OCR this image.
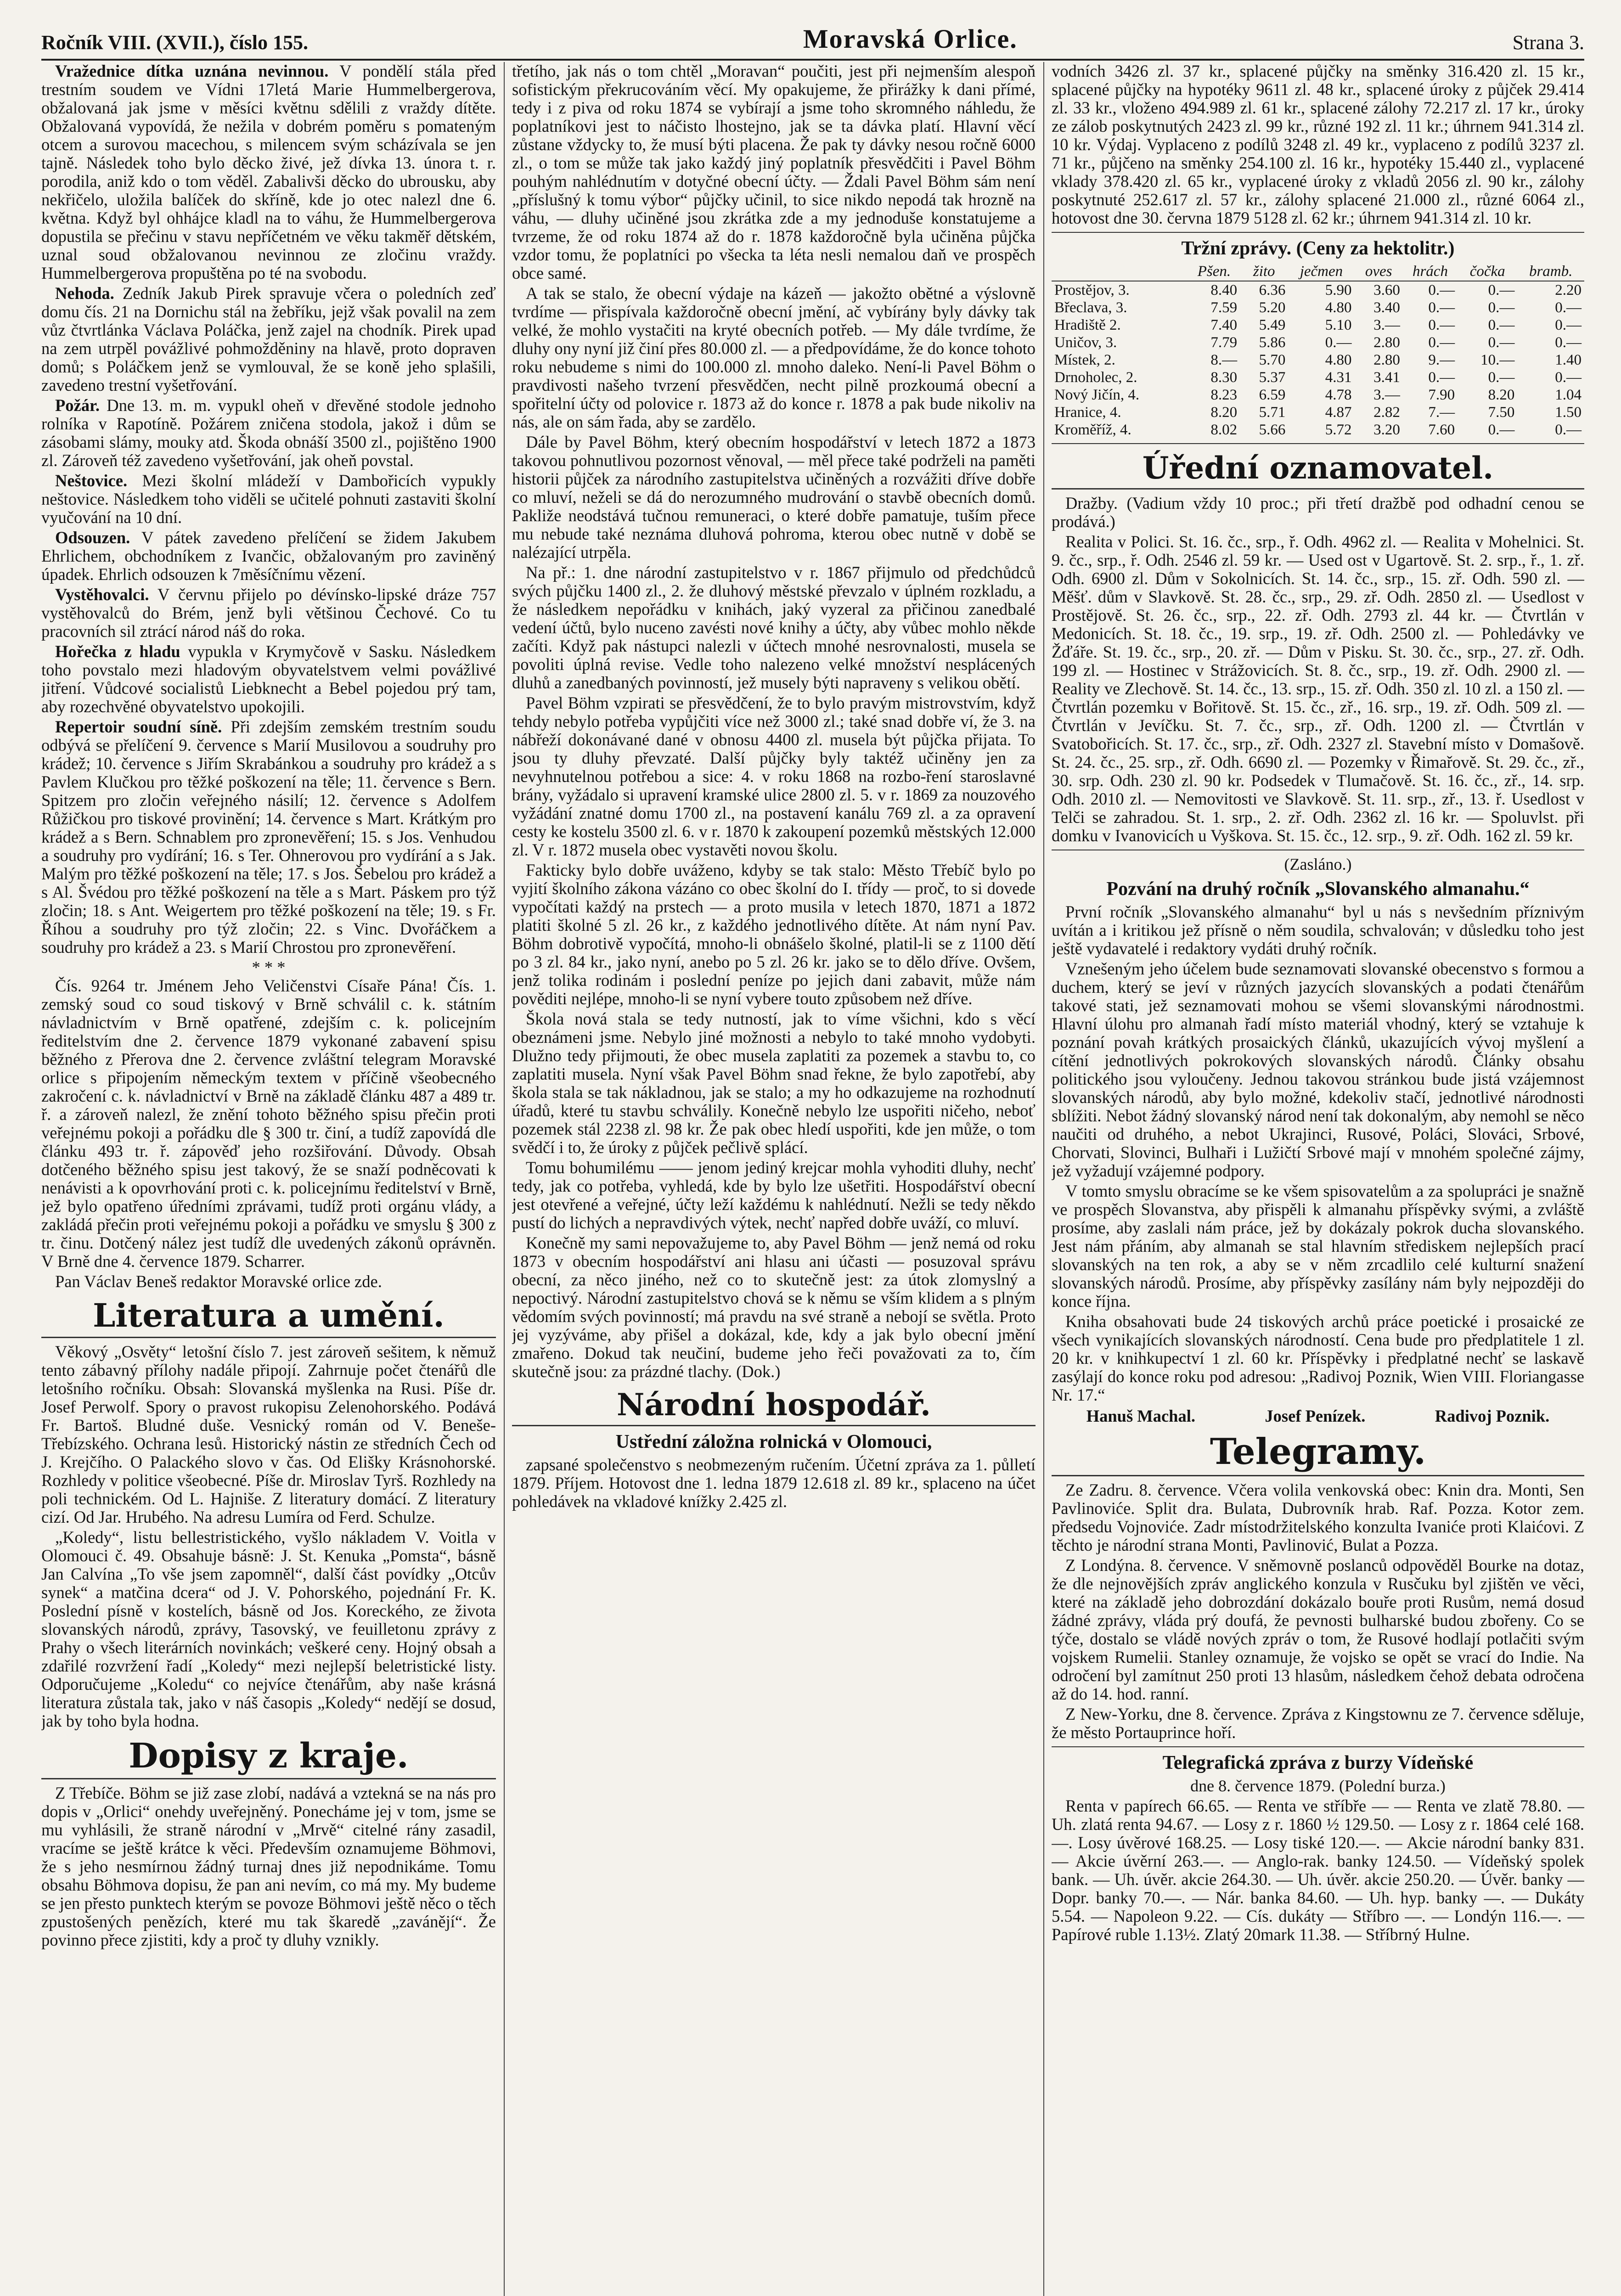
Ročník VIII. (XVII.), číslo 155.	Moravská Orlice.	Strana 3.

Vražednice dítka uznána nevinnou. V pondělí stála před trestním soudem ve Vídni 17letá Marie Hummelbergerova, obžalovaná jak jsme v měsíci květnu sdělili z vraždy dítěte. Obžalovaná vypovídá, že nežila v dobrém poměru s pomateným otcem a surovou macechou, s milencem svým scházívala se jen tajně. Následek toho bylo děcko živé, jež dívka 13. února t. r. porodila, aniž kdo o tom věděl. Zabalivši děcko do ubrousku, aby nekřičelo, uložila balíček do skříně, kde jo otec nalezl dne 6. května. Když byl ohhájce kladl na to váhu, že Hummelbergerova dopustila se přečinu v stavu nepříčetném ve věku takměř dětském, uznal soud obžalovanou nevinnou ze zločinu vraždy. Hummelbergerova propuštěna po té na svobodu.

Nehoda. Zedník Jakub Pirek spravuje včera o poledních zeď domu čís. 21 na Dornichu stál na žebříku, jejž však povalil na zem vůz čtvrtlánka Václava Poláčka, jenž zajel na chodník. Pirek upad na zem utrpěl povážlivé pohmožděniny na hlavě, proto dopraven domů; s Poláčkem jenž se vymlouval, že se koně jeho splašili, zavedeno trestní vyšetřování.

Požár. Dne 13. m. m. vypukl oheň v dřevěné stodole jednoho rolníka v Rapotíně. Požárem zničena stodola, jakož i dům se zásobami slámy, mouky atd. Škoda obnáší 3500 zl., pojištěno 1900 zl. Zároveň též zavedeno vyšetřování, jak oheň povstal.

Neštovice. Mezi školní mládeží v Dambořicích vypukly neštovice. Následkem toho viděli se učitelé pohnuti zastaviti školní vyučování na 10 dní.

Odsouzen. V pátek zavedeno přelíčení se židem Jakubem Ehrlichem, obchodníkem z Ivančic, obžalovaným pro zaviněný úpadek. Ehrlich odsouzen k 7měsíčnímu vězení.

Vystěhovalci. V červnu přijelo po dévínsko-lipské dráze 757 vystěhovalců do Brém, jenž byli většinou Čechové. Co tu pracovních sil ztrácí národ náš do roka.

Hořečka z hladu vypukla v Krymyčově v Sasku. Následkem toho povstalo mezi hladovým obyvatelstvem velmi povážlivé jitření. Vůdcové socialistů Liebknecht a Bebel pojedou prý tam, aby rozechvěné obyvatelstvo upokojili.

Repertoir soudní síně. Při zdejším zemském trestním soudu odbývá se přelíčení 9. července s Marií Musilovou a soudruhy pro krádež; 10. července s Jiřím Skrabánkou a soudruhy pro krádež a s Pavlem Klučkou pro těžké poškození na těle; 11. července s Bern. Spitzem pro zločin veřejného násilí; 12. července s Adolfem Růžičkou pro tiskové provinění; 14. července s Mart. Krátkým pro krádež a s Bern. Schnablem pro zpronevěření; 15. s Jos. Venhudou a soudruhy pro vydírání; 16. s Ter. Ohnerovou pro vydírání a s Jak. Malým pro těžké poškození na těle; 17. s Jos. Šebelou pro krádež a s Al. Švédou pro těžké poškození na těle a s Mart. Páskem pro týž zločin; 18. s Ant. Weigertem pro těžké poškození na těle; 19. s Fr. Říhou a soudruhy pro týž zločin; 22. s Vinc. Dvořáčkem a soudruhy pro krádež a 23. s Marií Chrostou pro zpronevěření.

* * *

Čís. 9264 tr. Jménem Jeho Veličenstvi Císaře Pána! Čís. 1. zemský soud co soud tiskový v Brně schválil c. k. státním návladnictvím v Brně opatřené, zdejším c. k. policejním ředitelstvím dne 2. července 1879 vykonané zabavení spisu běžného z Přerova dne 2. července zvláštní telegram Moravské orlice s připojením německým textem v příčině všeobecného zakročení c. k. návladnictví v Brně na základě článku 487 a 489 tr. ř. a zároveň nalezl, že znění tohoto běžného spisu přečin proti veřejnému pokoji a pořádku dle § 300 tr. činí, a tudíž zapovídá dle článku 493 tr. ř. zápověď jeho rozšiřování. Důvody. Obsah dotčeného běžného spisu jest takový, že se snaží podněcovati k nenávisti a k opovrhování proti c. k. policejnímu ředitelství v Brně, jež bylo opatřeno úředními zprávami, tudíž proti orgánu vlády, a zakládá přečin proti veřejnému pokoji a pořádku ve smyslu § 300 z tr. činu. Dotčený nález jest tudíž dle uvedených zákonů oprávněn. V Brně dne 4. července 1879. Scharrer.

Pan Václav Beneš redaktor Moravské orlice zde.

Literatura a umění.

Věkový „Osvěty“ letošní číslo 7. jest zároveň sešitem, k němuž tento zábavný přílohy nadále připojí. Zahrnuje počet čtenářů dle letošního ročníku. Obsah: Slovanská myšlenka na Rusi. Píše dr. Josef Perwolf. Spory o pravost rukopisu Zelenohorského. Podává Fr. Bartoš. Bludné duše. Vesnický román od V. Beneše-Třebízského. Ochrana lesů. Historický nástin ze středních Čech od J. Krejčího. O Palackého slovo v čas. Od Elišky Krásnohorské. Rozhledy v politice všeobecné. Píše dr. Miroslav Tyrš. Rozhledy na poli technickém. Od L. Hajniše. Z literatury domácí. Z literatury cizí. Od Jar. Hrubého. Na adresu Lumíra od Ferd. Schulze.

„Koledy“, listu bellestristického, vyšlo nákladem V. Voitla v Olomouci č. 49. Obsahuje básně: J. St. Kenuka „Pomsta“, básně Jan Calvína „To vše jsem zapomněl“, další část povídky „Otcův synek“ a matčina dcera“ od J. V. Pohorského, pojednání Fr. K. Poslední písně v kostelích, básně od Jos. Koreckého, ze života slovanských národů, zprávy, Tasovský, ve feuilletonu zprávy z Prahy o všech literárních novinkách; veškeré ceny. Hojný obsah a zdařilé rozvržení řadí „Koledy“ mezi nejlepší beletristické listy. Odporučujeme „Koledu“ co nejvíce čtenářům, aby naše krásná literatura zůstala tak, jako v náš časopis „Koledy“ nedějí se dosud, jak by toho byla hodna.

Dopisy z kraje.

Z Třebíče. Böhm se již zase zlobí, nadává a vztekná se na nás pro dopis v „Orlici“ onehdy uveřejněný. Ponecháme jej v tom, jsme se mu vyhlásili, že straně národní v „Mrvě“ citelné rány zasadil, vracíme se ještě krátce k věci. Především oznamujeme Böhmovi, že s jeho nesmírnou žádný turnaj dnes již nepodnikáme. Tomu obsahu Böhmova dopisu, že pan ani nevím, co má my. My budeme se jen přesto punktech kterým se povoze Böhmovi ještě něco o těch zpustošených penězích, které mu tak škaredě „zavánějí“. Že povinno přece zjistiti, kdy a proč ty dluhy vznikly.

třetího, jak nás o tom chtěl „Moravan“ poučiti, jest při nejmenším alespoň sofistickým překrucováním věcí. My opakujeme, že přirážky k dani přímé, tedy i z piva od roku 1874 se vybírají a jsme toho skromného náhledu, že poplatníkovi jest to náčisto lhostejno, jak se ta dávka platí. Hlavní věcí zůstane vždycky to, že musí býti placena. Že pak ty dávky nesou ročně 6000 zl., o tom se může tak jako každý jiný poplatník přesvědčiti i Pavel Böhm pouhým nahlédnutím v dotyčné obecní účty. — Ždali Pavel Böhm sám není „příslušný k tomu výbor“ půjčky učinil, to sice nikdo nepodá tak hrozně na váhu, — dluhy učiněné jsou zkrátka zde a my jednoduše konstatujeme a tvrzeme, že od roku 1874 až do r. 1878 každoročně byla učiněna půjčka vzdor tomu, že poplatníci po všecka ta léta nesli nemalou daň ve prospěch obce samé.

A tak se stalo, že obecní výdaje na kázeň — jakožto obětné a výslovně tvrdíme — přispívala každoročně obecní jmění, ač vybírány byly dávky tak velké, že mohlo vystačiti na kryté obecních potřeb. — My dále tvrdíme, že dluhy ony nyní již činí přes 80.000 zl. — a předpovídáme, že do konce tohoto roku nebudeme s nimi do 100.000 zl. mnoho daleko. Není-li Pavel Böhm o pravdivosti našeho tvrzení přesvědčen, necht pilně prozkoumá obecní a spořitelní účty od polovice r. 1873 až do konce r. 1878 a pak bude nikoliv na nás, ale on sám řada, aby se zardělo.

Dále by Pavel Böhm, který obecním hospodářství v letech 1872 a 1873 takovou pohnutlivou pozornost věnoval, — měl přece také podrželi na paměti historii půjček za národního zastupitelstva učiněných a rozvážiti dříve dobře co mluví, neželi se dá do nerozumného mudrování o stavbě obecních domů. Pakliže neodstává tučnou remuneraci, o které dobře pamatuje, tuším přece mu nebude také neznáma dluhová pohroma, kterou obec nutně v době se nalézající utrpěla.

Na př.: 1. dne národní zastupitelstvo v r. 1867 přijmulo od předchůdců svých půjčku 1400 zl., 2. že dluhový městské převzalo v úplném rozkladu, a že následkem nepořádku v knihách, jaký vyzeral za přičinou zanedbalé vedení účtů, bylo nuceno zavésti nové knihy a účty, aby vůbec mohlo někde začíti. Když pak nástupci nalezli v účtech mnohé nesrovnalosti, musela se povoliti úplná revise. Vedle toho nalezeno velké množství nesplácených dluhů a zanedbaných povinností, jež musely býti napraveny s velikou obětí.

Pavel Böhm vzpirati se přesvědčení, že to bylo pravým mistrovstvím, když tehdy nebylo potřeba vypůjčiti více než 3000 zl.; také snad dobře ví, že 3. na nábřeží dokonávané dané v obnosu 4400 zl. musela být půjčka přijata. To jsou ty dluhy převzaté. Další půjčky byly taktéž učiněny jen za nevyhnutelnou potřebou a sice: 4. v roku 1868 na rozbo-ření staroslavné brány, vyžádalo si upravení kramské ulice 2800 zl. 5. v r. 1869 za nouzového vyžádání znatné domu 1700 zl., na postavení kanálu 769 zl. a za opravení cesty ke kostelu 3500 zl. 6. v r. 1870 k zakoupení pozemků městských 12.000 zl. V r. 1872 musela obec vystavěti novou školu.

Fakticky bylo dobře uváženo, kdyby se tak stalo: Město Třebíč bylo po vyjití školního zákona vázáno co obec školní do I. třídy — proč, to si dovede vypočítati každý na prstech — a proto musila v letech 1870, 1871 a 1872 platiti školné 5 zl. 26 kr., z každého jednotlivého dítěte. At nám nyní Pav. Böhm dobrotivě vypočítá, mnoho-li obnášelo školné, platil-li se z 1100 dětí po 3 zl. 84 kr., jako nyní, anebo po 5 zl. 26 kr. jako se to dělo dříve. Ovšem, jenž tolika rodinám i poslední peníze po jejich dani zabavit, může nám pověditi nejlépe, mnoho-li se nyní vybere touto způsobem než dříve.

Škola nová stala se tedy nutností, jak to víme všichni, kdo s věcí obeznámeni jsme. Nebylo jiné možnosti a nebylo to také mnoho vydobyti. Dlužno tedy přijmouti, že obec musela zaplatiti za pozemek a stavbu to, co zaplatiti musela. Nyní však Pavel Böhm snad řekne, že bylo zapotřebí, aby škola stala se tak nákladnou, jak se stalo; a my ho odkazujeme na rozhodnutí úřadů, které tu stavbu schválily. Konečně nebylo lze uspořiti ničeho, neboť pozemek stál 2238 zl. 98 kr. Že pak obec hledí uspořiti, kde jen může, o tom svědčí i to, že úroky z půjček pečlivě splácí.

Tomu bohumilému —— jenom jediný krejcar mohla vyhoditi dluhy, nechť tedy, jak co potřeba, vyhledá, kde by bylo lze ušetřiti. Hospodářství obecní jest otevřené a veřejné, účty leží každému k nahlédnutí. Nežli se tedy někdo pustí do lichých a nepravdivých výtek, nechť napřed dobře uváží, co mluví.

Konečně my sami nepovažujeme to, aby Pavel Böhm — jenž nemá od roku 1873 v obecním hospodářství ani hlasu ani účasti — posuzoval správu obecní, za něco jiného, než co to skutečně jest: za útok zlomyslný a nepoctivý. Národní zastupitelstvo chová se k němu se vším klidem a s plným vědomím svých povinností; má pravdu na své straně a nebojí se světla. Proto jej vyzýváme, aby přišel a dokázal, kde, kdy a jak bylo obecní jmění zmařeno. Dokud tak neučiní, budeme jeho řeči považovati za to, čím skutečně jsou: za prázdné tlachy. (Dok.)

Národní hospodář.
Ustřední záložna rolnická v Olomouci,

zapsané společenstvo s neobmezeným ručením. Účetní zpráva za 1. půlletí 1879. Příjem. Hotovost dne 1. ledna 1879 12.618 zl. 89 kr., splaceno na účet pohledávek na vkladové knížky 2.425 zl.

vodních 3426 zl. 37 kr., splacené půjčky na směnky 316.420 zl. 15 kr., splacené půjčky na hypotéky 9611 zl. 48 kr., splacené úroky z půjček 29.414 zl. 33 kr., vloženo 494.989 zl. 61 kr., splacené zálohy 72.217 zl. 17 kr., úroky ze zálob poskytnutých 2423 zl. 99 kr., různé 192 zl. 11 kr.; úhrnem 941.314 zl. 10 kr. Výdaj. Vyplaceno z podílů 3248 zl. 49 kr., vyplaceno z podílů 3237 zl. 71 kr., půjčeno na směnky 254.100 zl. 16 kr., hypotéky 15.440 zl., vyplacené vklady 378.420 zl. 65 kr., vyplacené úroky z vkladů 2056 zl. 90 kr., zálohy poskytnuté 252.617 zl. 57 kr., zálohy splacené 21.000 zl., různé 6064 zl., hotovost dne 30. června 1879 5128 zl. 62 kr.; úhrnem 941.314 zl. 10 kr.

Tržní zprávy. (Ceny za hektolitr.)
	Pšen.	žito	ječmen	oves	hrách	čočka	bramb.
Prostějov, 3.	8.40	6.36	5.90	3.60	0.—	0.—	2.20
Břeclava, 3.	7.59	5.20	4.80	3.40	0.—	0.—	0.—
Hradiště 2.	7.40	5.49	5.10	3.—	0.—	0.—	0.—
Uničov, 3.	7.79	5.86	0.—	2.80	0.—	0.—	0.—
Místek, 2.	8.—	5.70	4.80	2.80	9.—	10.—	1.40
Drnoholec, 2.	8.30	5.37	4.31	3.41	0.—	0.—	0.—
Nový Jičín, 4.	8.23	6.59	4.78	3.—	7.90	8.20	1.04
Hranice, 4.	8.20	5.71	4.87	2.82	7.—	7.50	1.50
Kroměříž, 4.	8.02	5.66	5.72	3.20	7.60	0.—	0.—
Úřední oznamovatel.

Dražby. (Vadium vždy 10 proc.; při třetí dražbě pod odhadní cenou se prodává.)

Realita v Polici. St. 16. čc., srp., ř. Odh. 4962 zl. — Realita v Mohelnici. St. 9. čc., srp., ř. Odh. 2546 zl. 59 kr. — Used ost v Ugartově. St. 2. srp., ř., 1. zř. Odh. 6900 zl. Dům v Sokolnicích. St. 14. čc., srp., 15. zř. Odh. 590 zl. — Měšť. dům v Slavkově. St. 28. čc., srp., 29. zř. Odh. 2850 zl. — Usedlost v Prostějově. St. 26. čc., srp., 22. zř. Odh. 2793 zl. 44 kr. — Čtvrtlán v Medonicích. St. 18. čc., 19. srp., 19. zř. Odh. 2500 zl. — Pohledávky ve Žďáře. St. 19. čc., srp., 20. zř. — Dům v Pisku. St. 30. čc., srp., 27. zř. Odh. 199 zl. — Hostinec v Strážovicích. St. 8. čc., srp., 19. zř. Odh. 2900 zl. — Reality ve Zlechově. St. 14. čc., 13. srp., 15. zř. Odh. 350 zl. 10 zl. a 150 zl. — Čtvrtlán pozemku v Bořitově. St. 15. čc., zř., 16. srp., 19. zř. Odh. 509 zl. — Čtvrtlán v Jevíčku. St. 7. čc., srp., zř. Odh. 1200 zl. — Čtvrtlán v Svatobořicích. St. 17. čc., srp., zř. Odh. 2327 zl. Stavební místo v Domašově. St. 24. čc., 25. srp., zř. Odh. 6690 zl. — Pozemky v Řimařově. St. 29. čc., zř., 30. srp. Odh. 230 zl. 90 kr. Podsedek v Tlumačově. St. 16. čc., zř., 14. srp. Odh. 2010 zl. — Nemovitosti ve Slavkově. St. 11. srp., zř., 13. ř. Usedlost v Telči se zahradou. St. 1. srp., 2. zř. Odh. 2362 zl. 16 kr. — Spoluvlst. při domku v Ivanovicích u Vyškova. St. 15. čc., 12. srp., 9. zř. Odh. 162 zl. 59 kr.

(Zasláno.)
Pozvání na druhý ročník „Slovanského almanahu.“

První ročník „Slovanského almanahu“ byl u nás s nevšedním příznivým uvítán a i kritikou jež přísně o něm soudila, schvalován; v důsledku toho jest ještě vydavatelé i redaktory vydáti druhý ročník.

Vznešeným jeho účelem bude seznamovati slovanské obecenstvo s formou a duchem, který se jeví v různých jazycích slovanských a podati čtenářům takové stati, jež seznamovati mohou se všemi slovanskými národnostmi. Hlavní úlohu pro almanah řadí místo materiál vhodný, který se vztahuje k poznání povah krátkých prosaických článků, ukazujících vývoj myšlení a cítění jednotlivých pokrokových slovanských národů. Články obsahu politického jsou vyloučeny. Jednou takovou stránkou bude jistá vzájemnost slovanských národů, aby bylo možné, kdekoliv stačí, jednotlivé národnosti sblížiti. Nebot žádný slovanský národ není tak dokonalým, aby nemohl se něco naučiti od druhého, a nebot Ukrajinci, Rusové, Poláci, Slováci, Srbové, Chorvati, Slovinci, Bulhaři i Lužičtí Srbové mají v mnohém společné zájmy, jež vyžadují vzájemné podpory.

V tomto smyslu obracíme se ke všem spisovatelům a za spolupráci je snažně ve prospěch Slovanstva, aby přispěli k almanahu příspěvky svými, a zvláště prosíme, aby zaslali nám práce, jež by dokázaly pokrok ducha slovanského. Jest nám přáním, aby almanah se stal hlavním střediskem nejlepších prací slovanských na ten rok, a aby se v něm zrcadlilo celé kulturní snažení slovanských národů. Prosíme, aby příspěvky zasílány nám byly nejpozději do konce října.

Kniha obsahovati bude 24 tiskových archů práce poetické i prosaické ze všech vynikajících slovanských národností. Cena bude pro předplatitele 1 zl. 20 kr. v knihkupectví 1 zl. 60 kr. Příspěvky i předplatné nechť se laskavě zasýlají do konce roku pod adresou: „Radivoj Poznik, Wien VIII. Floriangasse Nr. 17.“

Hanuš Machal.	Josef Penízek.	Radivoj Poznik.
Telegramy.

Ze Zadru. 8. července. Včera volila venkovská obec: Knin dra. Monti, Sen Pavlinoviće. Split dra. Bulata, Dubrovník hrab. Raf. Pozza. Kotor zem. předsedu Vojnoviće. Zadr místodržitelského konzulta Ivaniće proti Klaićovi. Z těchto je národní strana Monti, Pavlinović, Bulat a Pozza.

Z Londýna. 8. července. V sněmovně poslanců odpověděl Bourke na dotaz, že dle nejnovějších zpráv anglického konzula v Rusčuku byl zjištěn ve věci, které na základě jeho dobrozdání dokázalo bouře proti Rusům, nemá dosud žádné zprávy, vláda prý doufá, že pevnosti bulharské budou zbořeny. Co se týče, dostalo se vládě nových zpráv o tom, že Rusové hodlají potlačiti svým vojskem Rumelii. Stanley oznamuje, že vojsko se opět se vrací do Indie. Na odročení byl zamítnut 250 proti 13 hlasům, následkem čehož debata odročena až do 14. hod. ranní.

Z New-Yorku, dne 8. července. Zpráva z Kingstownu ze 7. července sděluje, že město Portauprince hoří.

Telegrafická zpráva z burzy Vídeňské
dne 8. července 1879. (Polední burza.)

Renta v papírech 66.65. — Renta ve stříbře — — Renta ve zlatě 78.80. — Uh. zlatá renta 94.67. — Losy z r. 1860 ½ 129.50. — Losy z r. 1864 celé 168.—. Losy úvěrové 168.25. — Losy tiské 120.—. — Akcie národní banky 831. — Akcie úvěrní 263.—. — Anglo-rak. banky 124.50. — Vídeňský spolek bank. — Uh. úvěr. akcie 264.30. — Uh. úvěr. akcie 250.20. — Úvěr. banky — Dopr. banky 70.—. — Nár. banka 84.60. — Uh. hyp. banky —. — Dukáty 5.54. — Napoleon 9.22. — Cís. dukáty — Stříbro —. — Londýn 116.—. — Papírové ruble 1.13½. Zlatý 20mark 11.38. — Stříbrný Hulne.
